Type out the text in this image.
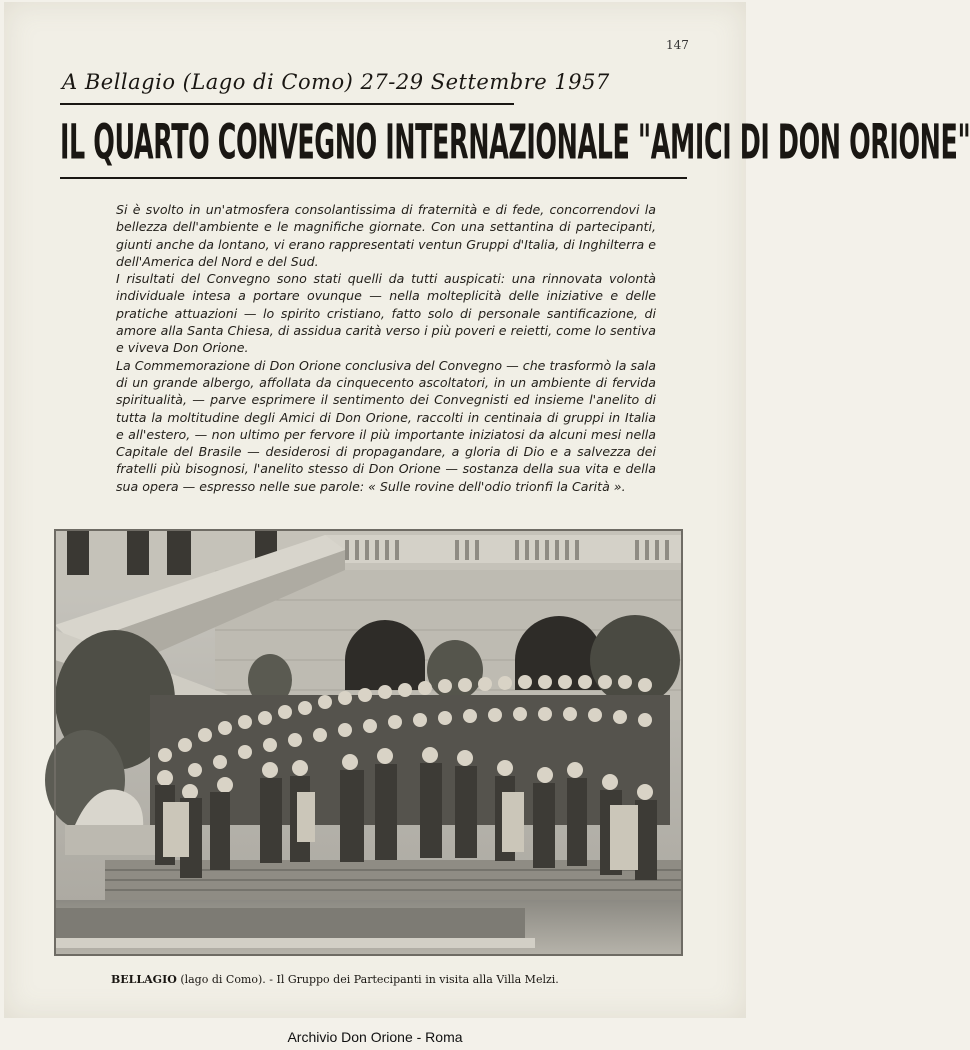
147
A Bellagio (Lago di Como) 27-29 Settembre 1957
IL QUARTO CONVEGNO INTERNAZIONALE "AMICI DI DON ORIONE"

Si è svolto in un'atmosfera consolantissima di fraternità e di fede, concorrendovi la bellezza dell'ambiente e le magnifiche giornate. Con una settantina di partecipanti, giunti anche da lontano, vi erano rappresentati ventun Gruppi d'Italia, di Inghilterra e dell'America del Nord e del Sud.

I risultati del Convegno sono stati quelli da tutti auspicati: una rinnovata volontà individuale intesa a portare ovunque — nella molteplicità delle iniziative e delle pratiche attuazioni — lo spirito cristiano, fatto solo di personale santificazione, di amore alla Santa Chiesa, di assidua carità verso i più poveri e reietti, come lo sentiva e viveva Don Orione.

La Commemorazione di Don Orione conclusiva del Convegno — che trasformò la sala di un grande albergo, affollata da cinquecento ascoltatori, in un ambiente di fervida spiritualità, — parve esprimere il sentimento dei Convegnisti ed insieme l'anelito di tutta la moltitudine degli Amici di Don Orione, raccolti in centinaia di gruppi in Italia e all'estero, — non ultimo per fervore il più importante iniziatosi da alcuni mesi nella Capitale del Brasile — desiderosi di propagandare, a gloria di Dio e a salvezza dei fratelli più bisognosi, l'anelito stesso di Don Orione — sostanza della sua vita e della sua opera — espresso nelle sue parole: « Sulle rovine dell'odio trionfi la Carità ».

BELLAGIO (lago di Como). - Il Gruppo dei Partecipanti in visita alla Villa Melzi.
Archivio Don Orione - Roma
